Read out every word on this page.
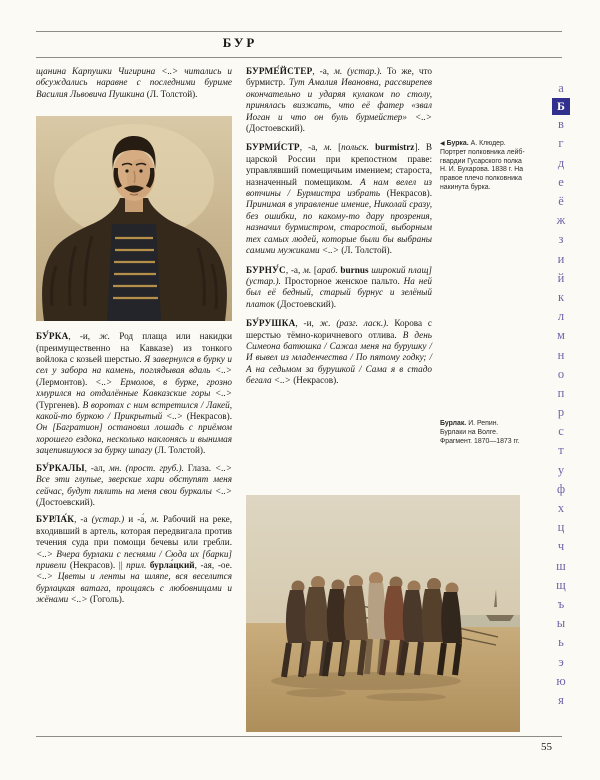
БУР

щанина Карпушки Чигирина <..> читались и обсуждались наравне с последними буриме Василия Львовича Пушкина (Л. Толстой).

БУ́РКА, -и, ж. Род плаща или накидки (преимущественно на Кавказе) из тонкого войлока с козьей шерстью. Я завернулся в бурку и сел у забора на камень, поглядывая вдаль <..> (Лермонтов). <..> Ермолов, в бурке, грозно хмурился на отдалённые Кавказские горы <..> (Тургенев). В воротах с ним встретился / Лакей, какой-то буркою / Прикрытый <..> (Некрасов). Он [Багратион] остановил лошадь с приёмом хорошего ездока, несколько наклонясь и вынимая зацепившуюся за бурку шпагу (Л. Толстой).

БУ́РКАЛЫ, -ал, мн. (прост. груб.). Глаза. <..> Все эти глупые, зверские хари обступят меня сейчас, будут пялить на меня свои буркалы <..> (Достоевский).

БУРЛА́К, -а (устар.) и -а́, м. Рабочий на реке, входивший в артель, которая передвигала против течения суда при помощи бечевы или гребли. <..> Вчера бурлаки с песнями / Сюда их [барки] привели (Некрасов). || прил. бурла́цкий, -ая, -ое. <..> Цветы и ленты на шляпе, вся веселится бурлацкая ватага, прощаясь с любовницами и жёнами <..> (Гоголь).

БУРМЕ́ЙСТЕР, -а, м. (устар.). То же, что бурмистр. Тут Амалия Ивановна, рассвирепев окончательно и ударяя кулаком по столу, принялась визжать, что её фатер «звал Иоган и что он буль бурмейстер» <..> (Достоевский).

БУРМИ́СТР, -а, м. [польск. burmistrz]. В царской России при крепостном праве: управлявший помещичьим имением; староста, назначенный помещиком. А нам велел из вотчины / Бурмистра избрать (Некрасов). Принимая в управление имение, Николай сразу, без ошибки, по какому-то дару прозрения, назначил бурмистром, старостой, выборным тех самых людей, которые были бы выбраны самими мужиками <..> (Л. Толстой).

БУРНУ́С, -а, м. [араб. burnus широкий плащ] (устар.). Просторное женское пальто. На ней был её бедный, старый бурнус и зелёный платок (Достоевский).

БУ́РУШКА, -и, ж. (разг. ласк.). Корова с шерстью тёмно-коричневого отлива. В день Симеона батюшка / Сажал меня на бурушку / И вывел из младенчества / По пятому годку; / А на седьмом за бурушкой / Сама я в стадо бегала <..> (Некрасов).

◀ Бурка. А. Клюдер. Портрет полковника лейб-гвардии Гусарского полка Н. И. Бухарова. 1838 г. На правое плечо полковника накинута бурка.
Бурлак. И. Репин. Бурлаки на Волге. Фрагмент. 1870—1873 гг.
а
Б
в
г
д
е
ё
ж
з
и
й
к
л
м
н
о
п
р
с
т
у
ф
х
ц
ч
ш
щ
ъ
ы
ь
э
ю
я
55
